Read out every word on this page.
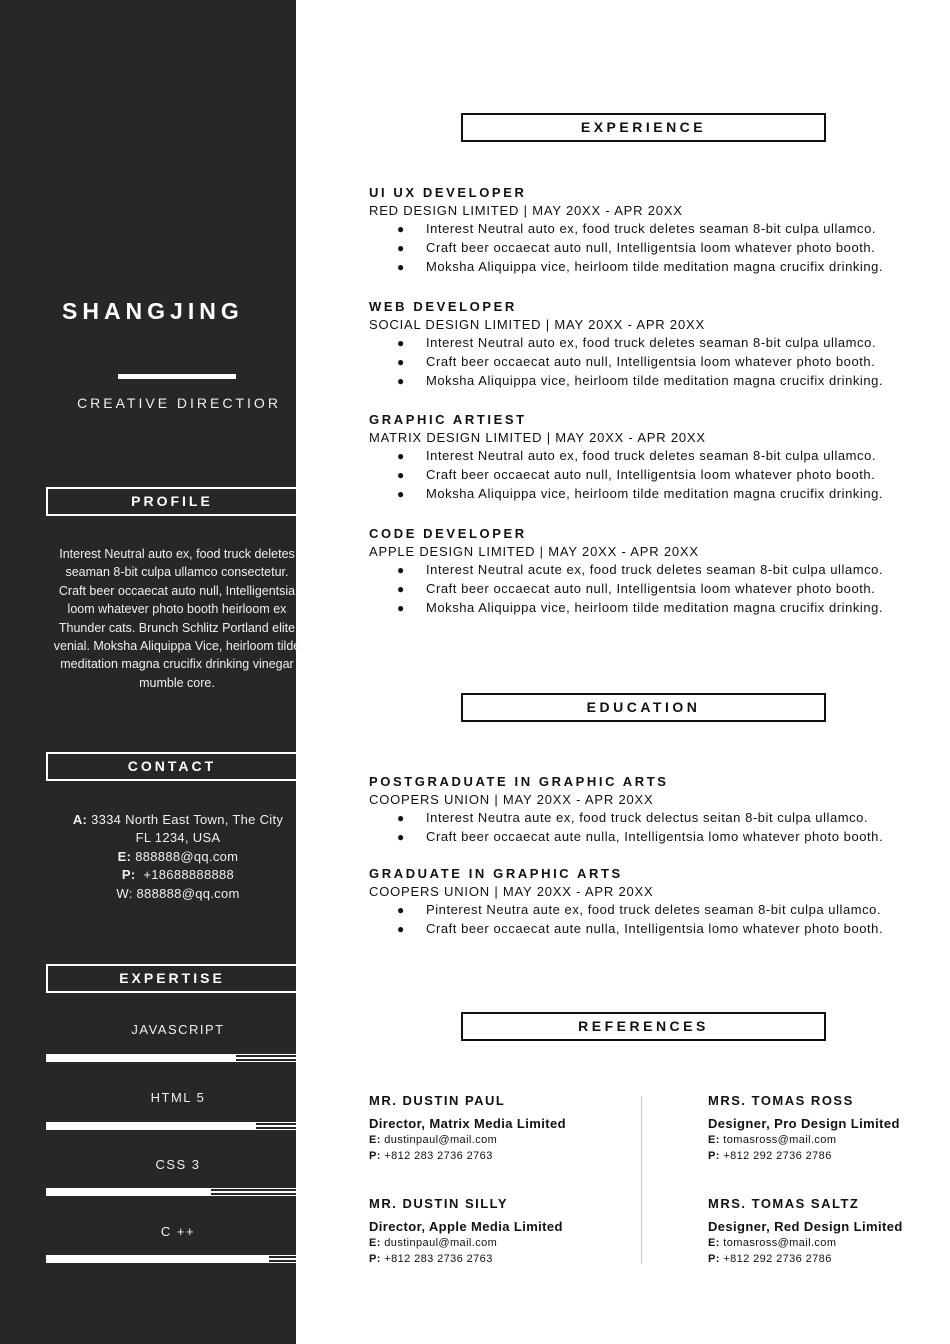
SHANGJING
CREATIVE DIRECTIOR
PROFILE
Interest Neutral auto ex, food truck deletes seaman 8-bit culpa ullamco consectetur. Craft beer occaecat auto null, Intelligentsia loom whatever photo booth heirloom ex Thunder cats. Brunch Schlitz Portland elite venial. Moksha Aliquippa Vice, heirloom tilde meditation magna crucifix drinking vinegar mumble core.
CONTACT
A: 3334 North East Town, The City
FL 1234, USA
E: 888888@qq.com
P: +18688888888
W: 888888@qq.com
EXPERTISE
JAVASCRIPT
HTML 5
CSS 3
C ++
EXPERIENCE
UI UX DEVELOPER
RED DESIGN LIMITED | MAY 20XX - APR 20XX
● Interest Neutral auto ex, food truck deletes seaman 8-bit culpa ullamco.
● Craft beer occaecat auto null, Intelligentsia loom whatever photo booth.
● Moksha Aliquippa vice, heirloom tilde meditation magna crucifix drinking.
WEB DEVELOPER
SOCIAL DESIGN LIMITED | MAY 20XX - APR 20XX
● Interest Neutral auto ex, food truck deletes seaman 8-bit culpa ullamco.
● Craft beer occaecat auto null, Intelligentsia loom whatever photo booth.
● Moksha Aliquippa vice, heirloom tilde meditation magna crucifix drinking.
GRAPHIC ARTIEST
MATRIX DESIGN LIMITED | MAY 20XX - APR 20XX
● Interest Neutral auto ex, food truck deletes seaman 8-bit culpa ullamco.
● Craft beer occaecat auto null, Intelligentsia loom whatever photo booth.
● Moksha Aliquippa vice, heirloom tilde meditation magna crucifix drinking.
CODE DEVELOPER
APPLE DESIGN LIMITED | MAY 20XX - APR 20XX
● Interest Neutral acute ex, food truck deletes seaman 8-bit culpa ullamco.
● Craft beer occaecat auto null, Intelligentsia loom whatever photo booth.
● Moksha Aliquippa vice, heirloom tilde meditation magna crucifix drinking.
EDUCATION
POSTGRADUATE IN GRAPHIC ARTS
COOPERS UNION | MAY 20XX - APR 20XX
● Interest Neutra aute ex, food truck delectus seitan 8-bit culpa ullamco.
● Craft beer occaecat aute nulla, Intelligentsia lomo whatever photo booth.
GRADUATE IN GRAPHIC ARTS
COOPERS UNION | MAY 20XX - APR 20XX
● Pinterest Neutra aute ex, food truck deletes seaman 8-bit culpa ullamco.
● Craft beer occaecat aute nulla, Intelligentsia lomo whatever photo booth.
REFERENCES
MR. DUSTIN PAUL
Director, Matrix Media Limited
E: dustinpaul@mail.com
P: +812 283 2736 2763
MRS. TOMAS ROSS
Designer, Pro Design Limited
E: tomasross@mail.com
P: +812 292 2736 2786
MR. DUSTIN SILLY
Director, Apple Media Limited
E: dustinpaul@mail.com
P: +812 283 2736 2763
MRS. TOMAS SALTZ
Designer, Red Design Limited
E: tomasross@mail.com
P: +812 292 2736 2786
